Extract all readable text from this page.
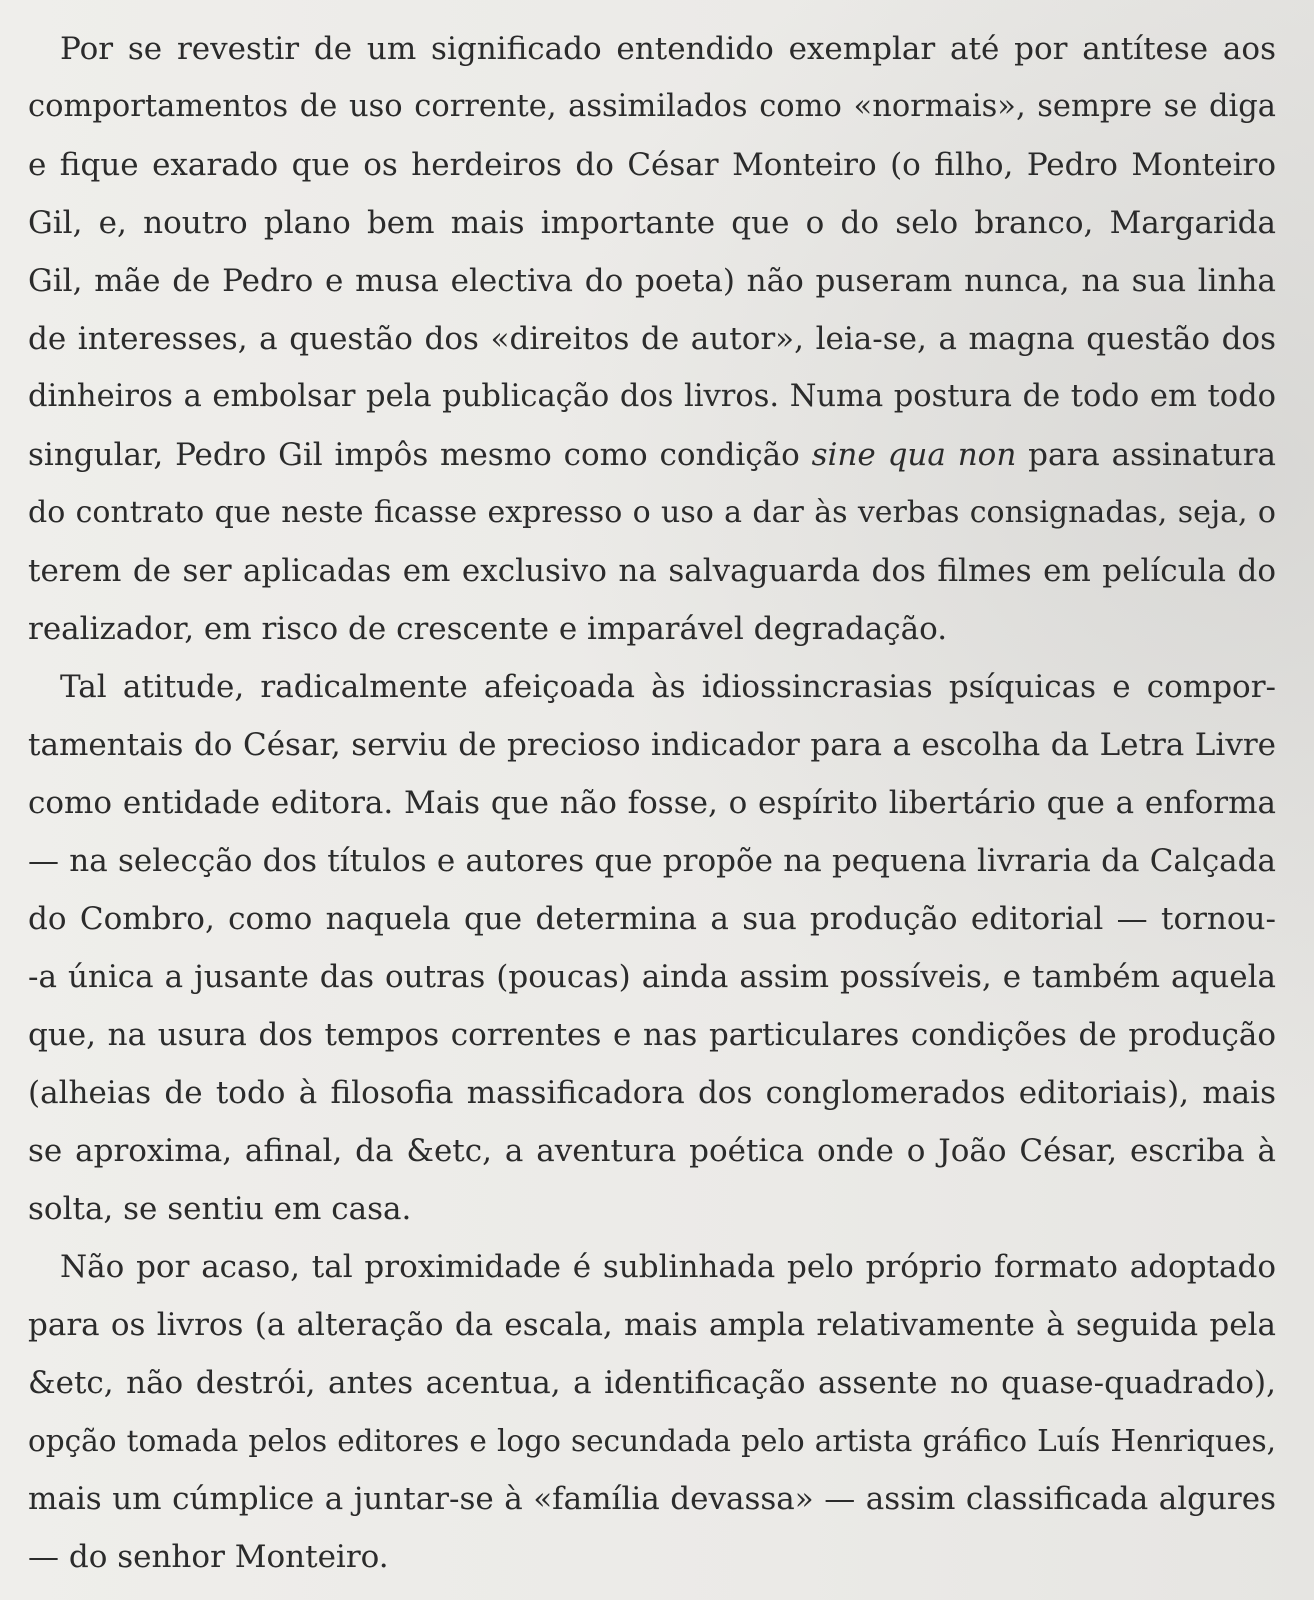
Por se revestir de um significado entendido exemplar até por antítese aos
comportamentos de uso corrente, assimilados como «normais», sempre se diga
e fique exarado que os herdeiros do César Monteiro (o filho, Pedro Monteiro
Gil, e, noutro plano bem mais importante que o do selo branco, Margarida
Gil, mãe de Pedro e musa electiva do poeta) não puseram nunca, na sua linha
de interesses, a questão dos «direitos de autor», leia-se, a magna questão dos
dinheiros a embolsar pela publicação dos livros. Numa postura de todo em todo
singular, Pedro Gil impôs mesmo como condição sine qua non para assinatura
do contrato que neste ficasse expresso o uso a dar às verbas consignadas, seja, o
terem de ser aplicadas em exclusivo na salvaguarda dos filmes em película do
realizador, em risco de crescente e imparável degradação.

Tal atitude, radicalmente afeiçoada às idiossincrasias psíquicas e compor-
tamentais do César, serviu de precioso indicador para a escolha da Letra Livre
como entidade editora. Mais que não fosse, o espírito libertário que a enforma
— na selecção dos títulos e autores que propõe na pequena livraria da Calçada
do Combro, como naquela que determina a sua produção editorial — tornou-
-a única a jusante das outras (poucas) ainda assim possíveis, e também aquela
que, na usura dos tempos correntes e nas particulares condições de produção
(alheias de todo à filosofia massificadora dos conglomerados editoriais), mais
se aproxima, afinal, da &etc, a aventura poética onde o João César, escriba à
solta, se sentiu em casa.

Não por acaso, tal proximidade é sublinhada pelo próprio formato adoptado
para os livros (a alteração da escala, mais ampla relativamente à seguida pela
&etc, não destrói, antes acentua, a identificação assente no quase-quadrado),
opção tomada pelos editores e logo secundada pelo artista gráfico Luís Henriques,
mais um cúmplice a juntar-se à «família devassa» — assim classificada algures
— do senhor Monteiro.
